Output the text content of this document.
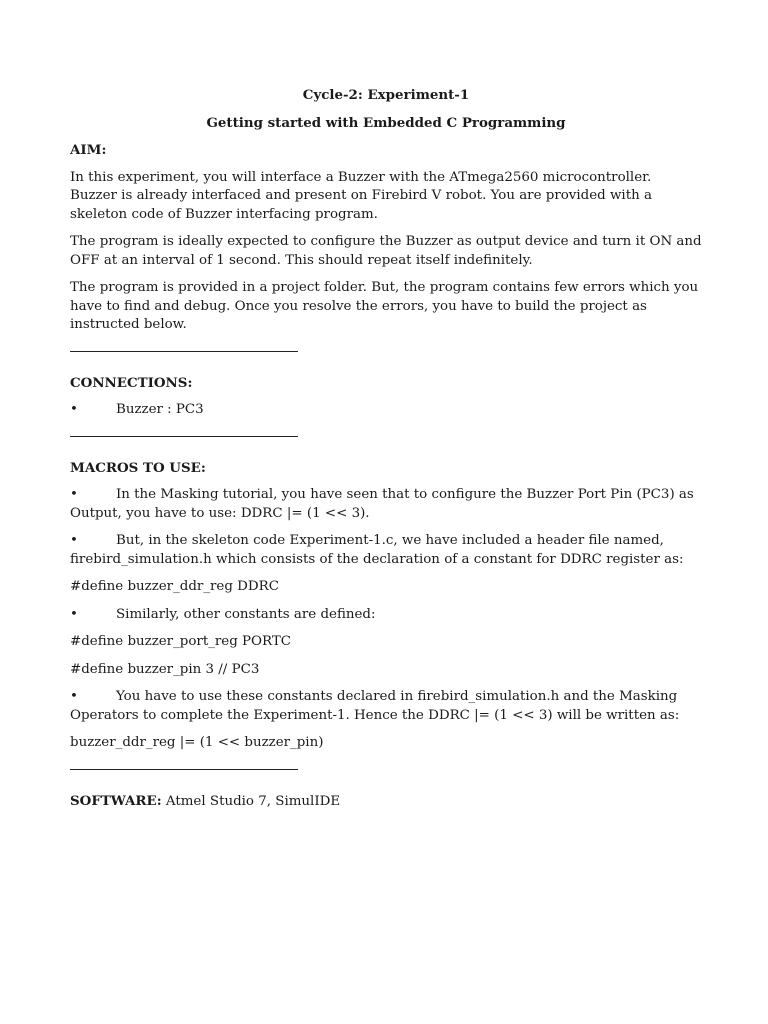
Cycle-2: Experiment-1
Getting started with Embedded C Programming
AIM:

In this experiment, you will interface a Buzzer with the ATmega2560 microcontroller. Buzzer is already interfaced and present on Firebird V robot. You are provided with a skeleton code of Buzzer interfacing program.

The program is ideally expected to configure the Buzzer as output device and turn it ON and OFF at an interval of 1 second. This should repeat itself indefinitely.

The program is provided in a project folder. But, the program contains few errors which you have to find and debug. Once you resolve the errors, you have to build the project as instructed below.

CONNECTIONS:
•	Buzzer : PC3
MACROS TO USE:

•	In the Masking tutorial, you have seen that to configure the Buzzer Port Pin (PC3) as Output, you have to use: DDRC |= (1 << 3).

•	But, in the skeleton code Experiment-1.c, we have included a header file named, firebird_simulation.h which consists of the declaration of a constant for DDRC register as:

#define buzzer_ddr_reg DDRC

•	Similarly, other constants are defined:

#define buzzer_port_reg PORTC

#define buzzer_pin 3 // PC3

•	You have to use these constants declared in firebird_simulation.h and the Masking Operators to complete the Experiment-1. Hence the DDRC |= (1 << 3) will be written as:

buzzer_ddr_reg |= (1 << buzzer_pin)

SOFTWARE: Atmel Studio 7, SimulIDE
